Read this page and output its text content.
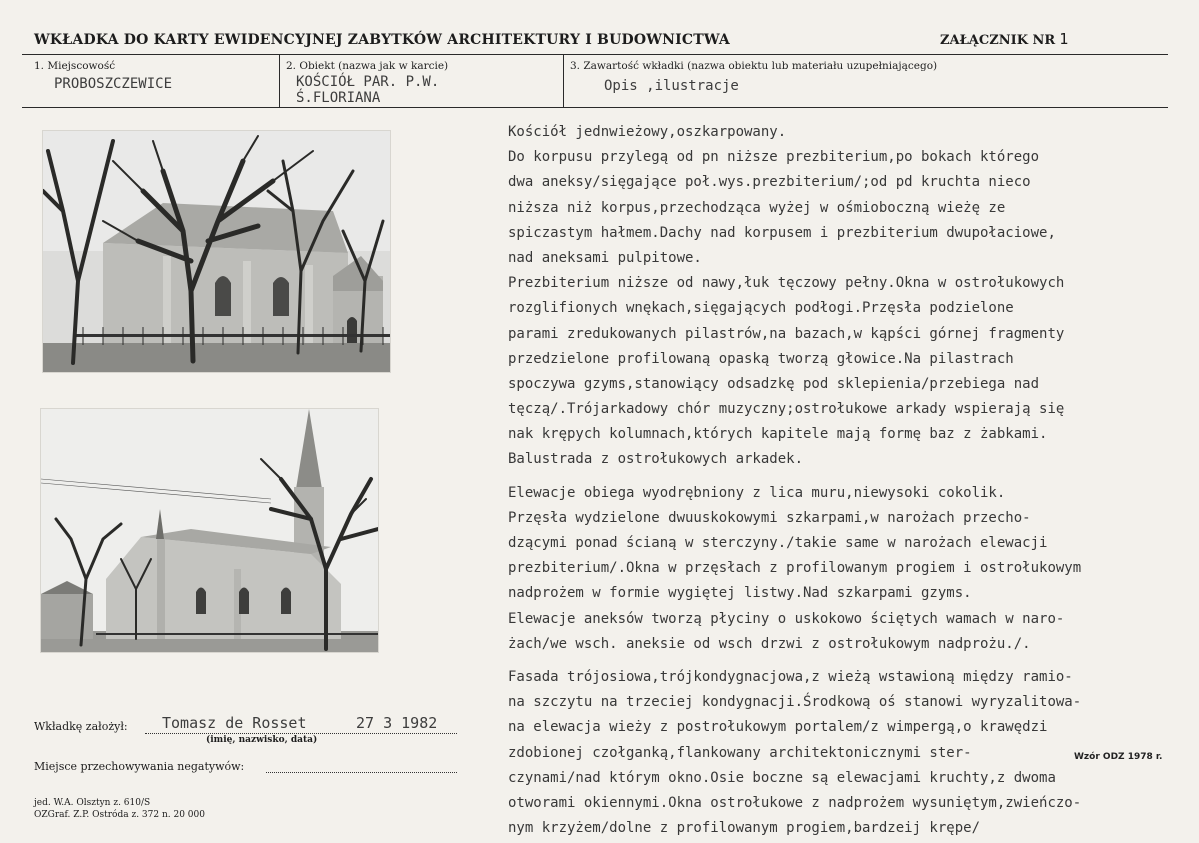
WKŁADKA DO KARTY EWIDENCYJNEJ ZABYTKÓW ARCHITEKTURY I BUDOWNICTWA	ZAŁĄCZNIK NR 1
1. Miejscowość
PROBOSZCZEWICE
2. Obiekt (nazwa jak w karcie)
KOŚCIÓŁ PAR. P.W.
Ś.FLORIANA
3. Zawartość wkładki (nazwa obiektu lub materiału uzupełniającego)
Opis ,ilustracje
Kościół jednwieżowy,oszkarpowany.
Do korpusu przylegą od pn niższe prezbiterium,po bokach którego
dwa aneksy/sięgające poł.wys.prezbiterium/;od pd kruchta nieco
niższa niż korpus,przechodząca wyżej w ośmioboczną wieżę ze
spiczastym hałmem.Dachy nad korpusem i prezbiterium dwupołaciowe,
nad aneksami pulpitowe.
Prezbiterium niższe od nawy,łuk tęczowy pełny.Okna w ostrołukowych
rozglifionych wnękach,sięgających podłogi.Przęsła podzielone
parami zredukowanych pilastrów,na bazach,w kąpści górnej fragmenty
przedzielone profilowaną opaską tworzą głowice.Na pilastrach
spoczywa gzyms,stanowiący odsadzkę pod sklepienia/przebiega nad
tęczą/.Trójarkadowy chór muzyczny;ostrołukowe arkady wspierają się
nak krępych kolumnach,których kapitele mają formę baz z żabkami.
Balustrada z ostrołukowych arkadek.
Elewacje obiega wyodrębniony z lica muru,niewysoki cokolik.
Przęsła wydzielone dwuuskokowymi szkarpami,w narożach przecho-
dzącymi ponad ścianą w sterczyny./takie same w narożach elewacji
prezbiterium/.Okna w przęsłach z profilowanym progiem i ostrołukowym
nadprożem w formie wygiętej listwy.Nad szkarpami gzyms.
Elewacje aneksów tworzą płyciny o uskokowo ściętych wamach w naro-
żach/we wsch. aneksie od wsch drzwi z ostrołukowym nadprożu./.
Fasada trójosiowa,trójkondygnacjowa,z wieżą wstawioną między ramio-
na szczytu na trzeciej kondygnacji.Środkową oś stanowi wyryzalitowa-
na elewacja wieży z postrołukowym portalem/z wimpergą,o krawędzi
zdobionej czołganką,flankowany architektonicznymi ster-
czynami/nad którym okno.Osie boczne są elewacjami kruchty,z dwoma
otworami okiennymi.Okna ostrołukowe z nadprożem wysuniętym,zwieńczo-
nym krzyżem/dolne z profilowanym progiem,bardzeij krępe/
Wkładkę założył: Tomasz de Rosset	27 3 1982
(imię, nazwisko, data)
Miejsce przechowywania negatywów:
jed. W.A. Olsztyn z. 610/S
OZGraf. Z.P. Ostróda z. 372 n. 20 000
Wzór ODZ 1978 r.
